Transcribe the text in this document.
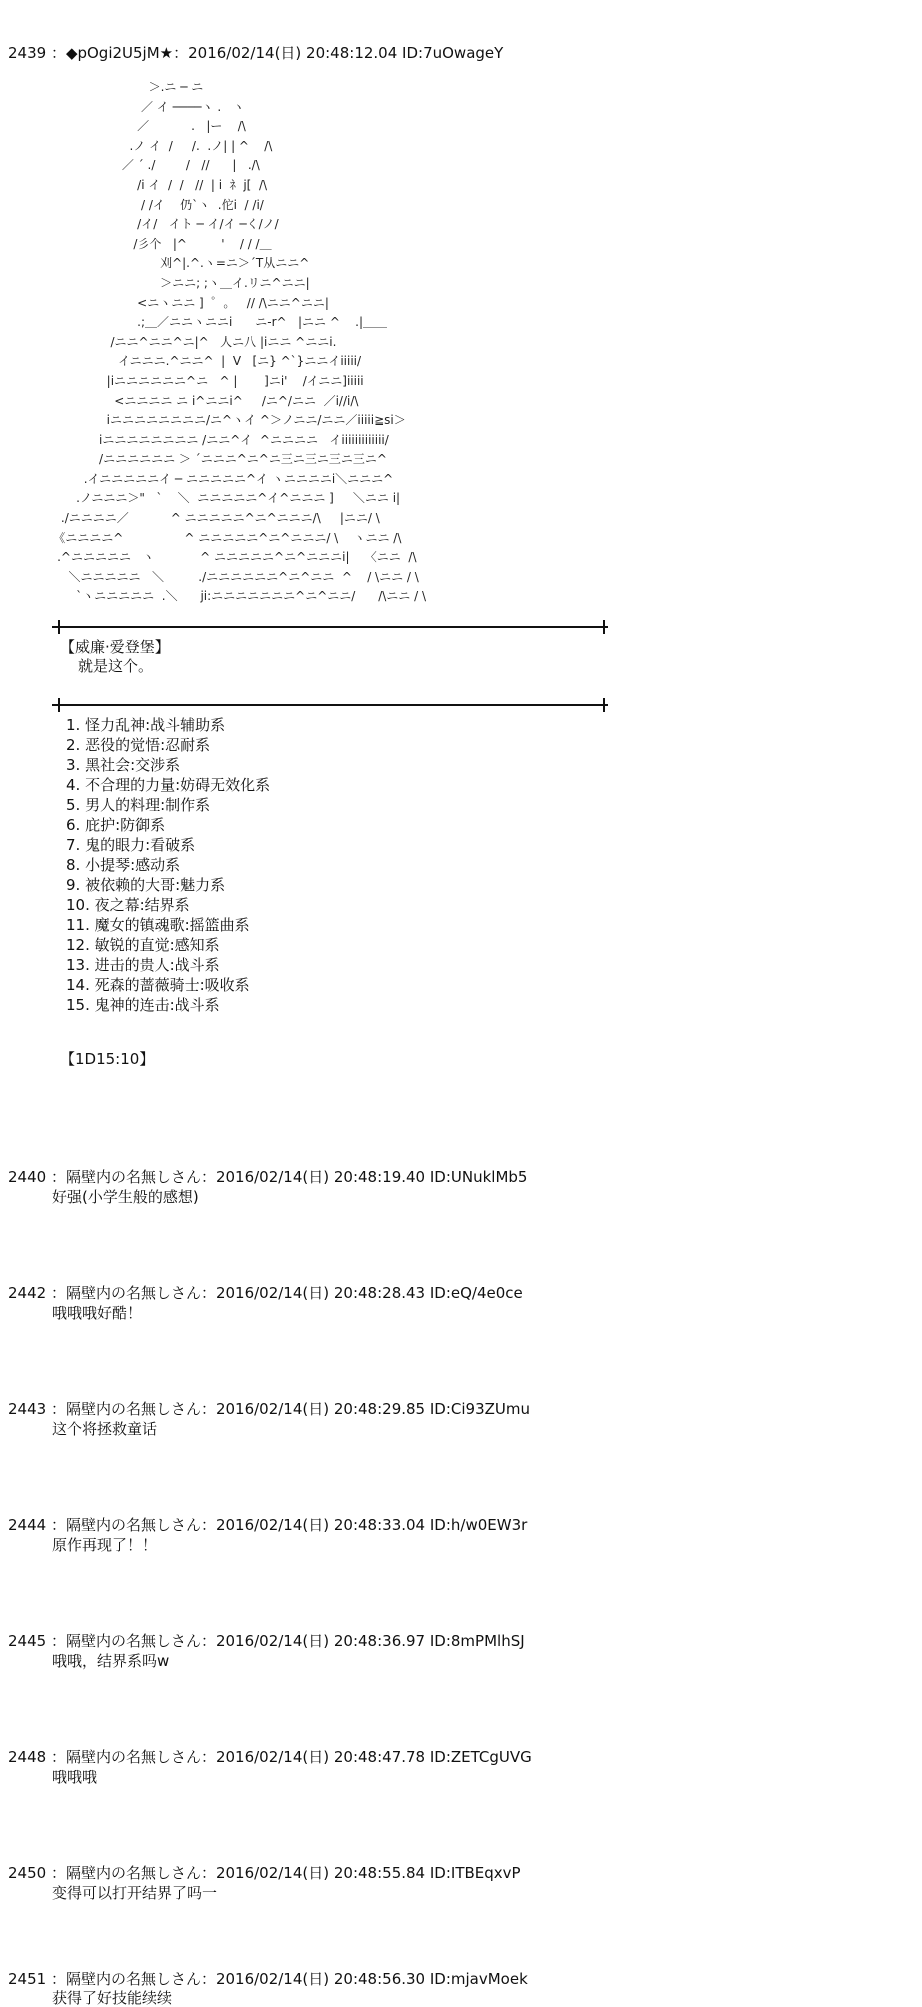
2439 ：◆pOgi2U5jM★：2016/02/14(日) 20:48:12.04 ID:7uOwageY
＞.ニ ─ ニ
／ イ ────ヽ .   ヽ
／           .   |ー    /\
.ノ イ  /     /.  .ノ| | ^    /\
／ ´ ./        /   //      |   ./\
/i イ  /  /   //  | i  ﾈ  j[  /\
/ /イ    仍`ヽ  .佗i  / /i/
/イ/   イト ─ イ/イ ─く/ノ/
/彡个   |^         '    / / /＿
刈^|.^.ヽ=ニ＞´T从ニニ^
＞ニニ; ;ヽ＿イ.リニ^ニニ|
<ニヽニニ ]  ゜。   // /\ニニ^ニニ|
.;＿／ニニヽニニi      ニ-r^   |ニニ ^    .|＿＿
/ニニ^ニニ^ニ|^   人ニ八 |iニニ ^ニニi.
イニニニ.^ニニ^  |  V   [ニ} ^`}ニニイiiiii/
|iニニニニニニ^ニ   ^ |       ]ニi'    /イニニ]iiiii
<ニニニニ ニ i^ニニi^     /ニ^/ニニ  ／i//i/\
iニニニニニニニニ/ニ^ヽイ ^＞ノニニ/ニニ／iiiii≧si＞
iニニニニニニニニ /ニニ^イ  ^ニニニニ   イiiiiiiiiiiiii/
/ニニニニニニ ＞ ´ニニニ^ニ^ニ三ニ三ニ三ニ三ニ^
.イニニニニニイ ─ ニニニニニ^イ ヽニニニニi＼ニニニ^
.ノニニニ＞"   `    ＼  ニニニニニ^イ^ニニニ ]     ＼ニニ i|
./ニニニニ／           ^ ニニニニニ^ニ^ニニニ/\     |ニニ/ \
《ニニニニ^                ^ ニニニニニ^ニ^ニニニ/ \    ヽニニ /\
.^ニニニニニ   ヽ            ^ ニニニニニ^ニ^ニニニi|    〈ニニ  /\
＼ニニニニニ   ＼         ./ニニニニニニ^ニ^ニニ  ^    / \ニニ / \
`ヽニニニニニ  .＼      ji:ニニニニニニニ^ニ^ニニ/      /\ニニ / \
【威廉·爱登堡】
就是这个。
1. 怪力乱神:战斗辅助系
2. 恶役的觉悟:忍耐系
3. 黑社会:交涉系
4. 不合理的力量:妨碍无效化系
5. 男人的料理:制作系
6. 庇护:防御系
7. 鬼的眼力:看破系
8. 小提琴:感动系
9. 被依赖的大哥:魅力系
10. 夜之幕:结界系
11. 魔女的镇魂歌:摇篮曲系
12. 敏锐的直觉:感知系
13. 进击的贵人:战斗系
14. 死森的蔷薇骑士:吸收系
15. 鬼神的连击:战斗系
【1D15:10】
2440 ：隔壁内の名無しさん：2016/02/14(日) 20:48:19.40 ID:UNuklMb5
好强(小学生般的感想)
2442 ：隔壁内の名無しさん：2016/02/14(日) 20:48:28.43 ID:eQ/4e0ce
哦哦哦好酷！
2443 ：隔壁内の名無しさん：2016/02/14(日) 20:48:29.85 ID:Ci93ZUmu
这个将拯救童话
2444 ：隔壁内の名無しさん：2016/02/14(日) 20:48:33.04 ID:h/w0EW3r
原作再现了！！
2445 ：隔壁内の名無しさん：2016/02/14(日) 20:48:36.97 ID:8mPMlhSJ
哦哦，结界系吗w
2448 ：隔壁内の名無しさん：2016/02/14(日) 20:48:47.78 ID:ZETCgUVG
哦哦哦
2450 ：隔壁内の名無しさん：2016/02/14(日) 20:48:55.84 ID:ITBEqxvP
变得可以打开结界了吗一
2451 ：隔壁内の名無しさん：2016/02/14(日) 20:48:56.30 ID:mjavMoek
获得了好技能续续
